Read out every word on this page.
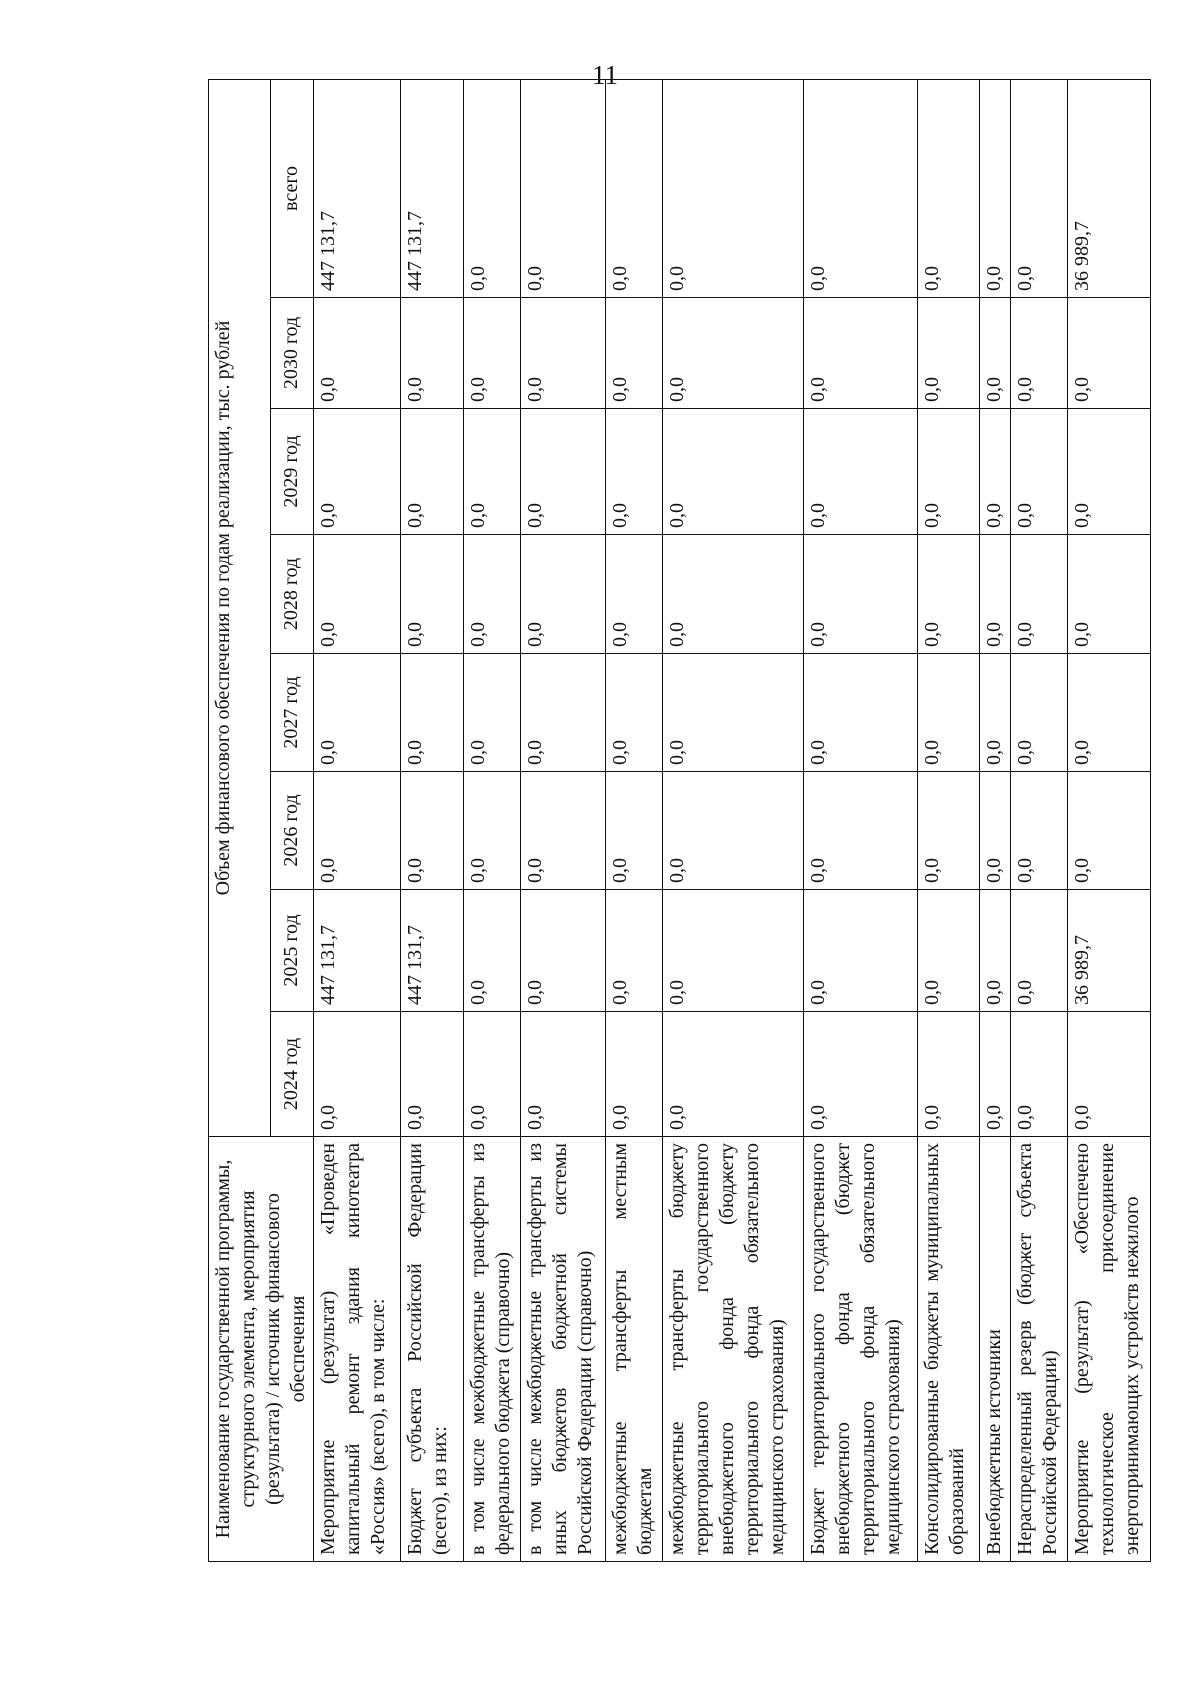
11
Наименование государственной программы, структурного элемента, мероприятия (результата) / источник финансового обеспечения	Объем финансового обеспечения по годам реализации, тыс. рублей							
	2024 год	2025 год	2026 год	2027 год	2028 год	2029 год	2030 год	всего
Мероприятие (результат) «Проведен капитальный ремонт здания кинотеатра «Россия» (всего), в том числе:	0,0	447 131,7	0,0	0,0	0,0	0,0	0,0	447 131,7
Бюджет субъекта Российской Федерации (всего), из них:	0,0	447 131,7	0,0	0,0	0,0	0,0	0,0	447 131,7
в том числе межбюджетные трансферты из федерального бюджета (справочно)	0,0	0,0	0,0	0,0	0,0	0,0	0,0	0,0
в том числе межбюджетные трансферты из иных бюджетов бюджетной системы Российской Федерации (справочно)	0,0	0,0	0,0	0,0	0,0	0,0	0,0	0,0
межбюджетные трансферты местным бюджетам	0,0	0,0	0,0	0,0	0,0	0,0	0,0	0,0
межбюджетные трансферты бюджету территориального государственного внебюджетного фонда (бюджету территориального фонда обязательного медицинского страхования)	0,0	0,0	0,0	0,0	0,0	0,0	0,0	0,0
Бюджет территориального государственного внебюджетного фонда (бюджет территориального фонда обязательного медицинского страхования)	0,0	0,0	0,0	0,0	0,0	0,0	0,0	0,0
Консолидированные бюджеты муниципальных образований	0,0	0,0	0,0	0,0	0,0	0,0	0,0	0,0
Внебюджетные источники	0,0	0,0	0,0	0,0	0,0	0,0	0,0	0,0
Нераспределенный резерв (бюджет субъекта Российской Федерации)	0,0	0,0	0,0	0,0	0,0	0,0	0,0	0,0
Мероприятие (результат) «Обеспечено технологическое присоединение энергопринимающих устройств нежилого	0,0	36 989,7	0,0	0,0	0,0	0,0	0,0	36 989,7
